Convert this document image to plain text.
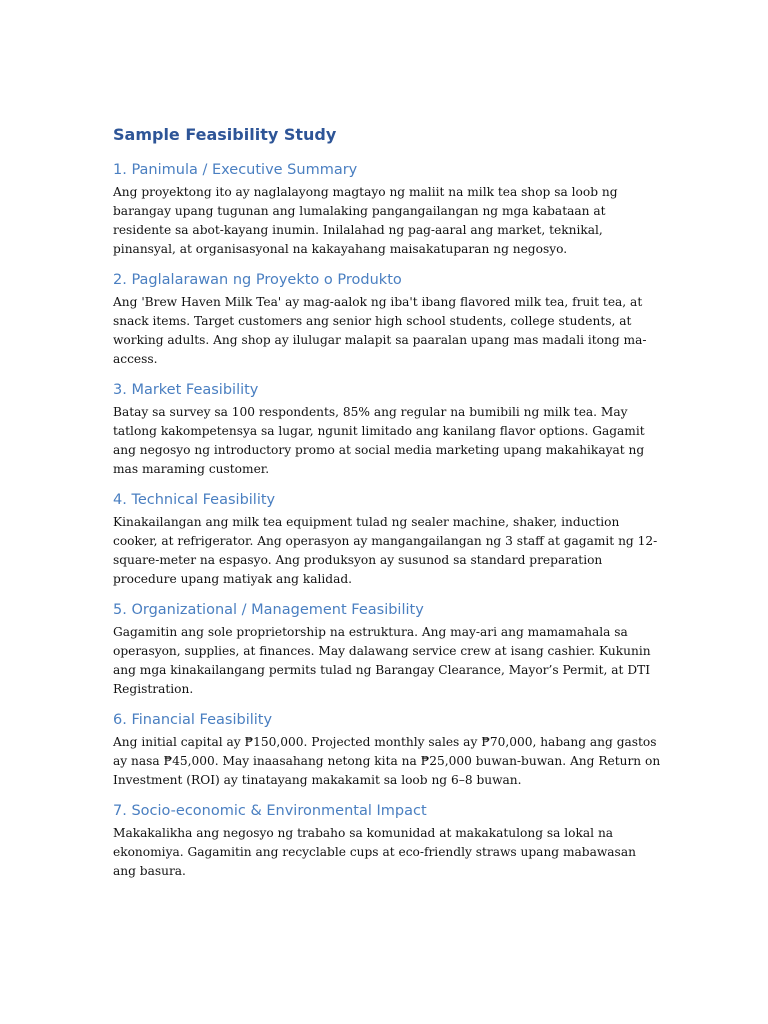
Sample Feasibility Study
1. Panimula / Executive Summary

Ang proyektong ito ay naglalayong magtayo ng maliit na milk tea shop sa loob ng barangay upang tugunan ang lumalaking pangangailangan ng mga kabataan at residente sa abot-kayang inumin. Inilalahad ng pag-aaral ang market, teknikal, pinansyal, at organisasyonal na kakayahang maisakatuparan ng negosyo.

2. Paglalarawan ng Proyekto o Produkto

Ang 'Brew Haven Milk Tea' ay mag-aalok ng iba't ibang flavored milk tea, fruit tea, at snack items. Target customers ang senior high school students, college students, at working adults. Ang shop ay ilulugar malapit sa paaralan upang mas madali itong ma-access.

3. Market Feasibility

Batay sa survey sa 100 respondents, 85% ang regular na bumibili ng milk tea. May tatlong kakompetensya sa lugar, ngunit limitado ang kanilang flavor options. Gagamit ang negosyo ng introductory promo at social media marketing upang makahikayat ng mas maraming customer.

4. Technical Feasibility

Kinakailangan ang milk tea equipment tulad ng sealer machine, shaker, induction cooker, at refrigerator. Ang operasyon ay mangangailangan ng 3 staff at gagamit ng 12-square-meter na espasyo. Ang produksyon ay susunod sa standard preparation procedure upang matiyak ang kalidad.

5. Organizational / Management Feasibility

Gagamitin ang sole proprietorship na estruktura. Ang may-ari ang mamamahala sa operasyon, supplies, at finances. May dalawang service crew at isang cashier. Kukunin ang mga kinakailangang permits tulad ng Barangay Clearance, Mayor’s Permit, at DTI Registration.

6. Financial Feasibility

Ang initial capital ay ₱150,000. Projected monthly sales ay ₱70,000, habang ang gastos ay nasa ₱45,000. May inaasahang netong kita na ₱25,000 buwan-buwan. Ang Return on Investment (ROI) ay tinatayang makakamit sa loob ng 6–8 buwan.

7. Socio-economic & Environmental Impact

Makakalikha ang negosyo ng trabaho sa komunidad at makakatulong sa lokal na ekonomiya. Gagamitin ang recyclable cups at eco-friendly straws upang mabawasan ang basura.
